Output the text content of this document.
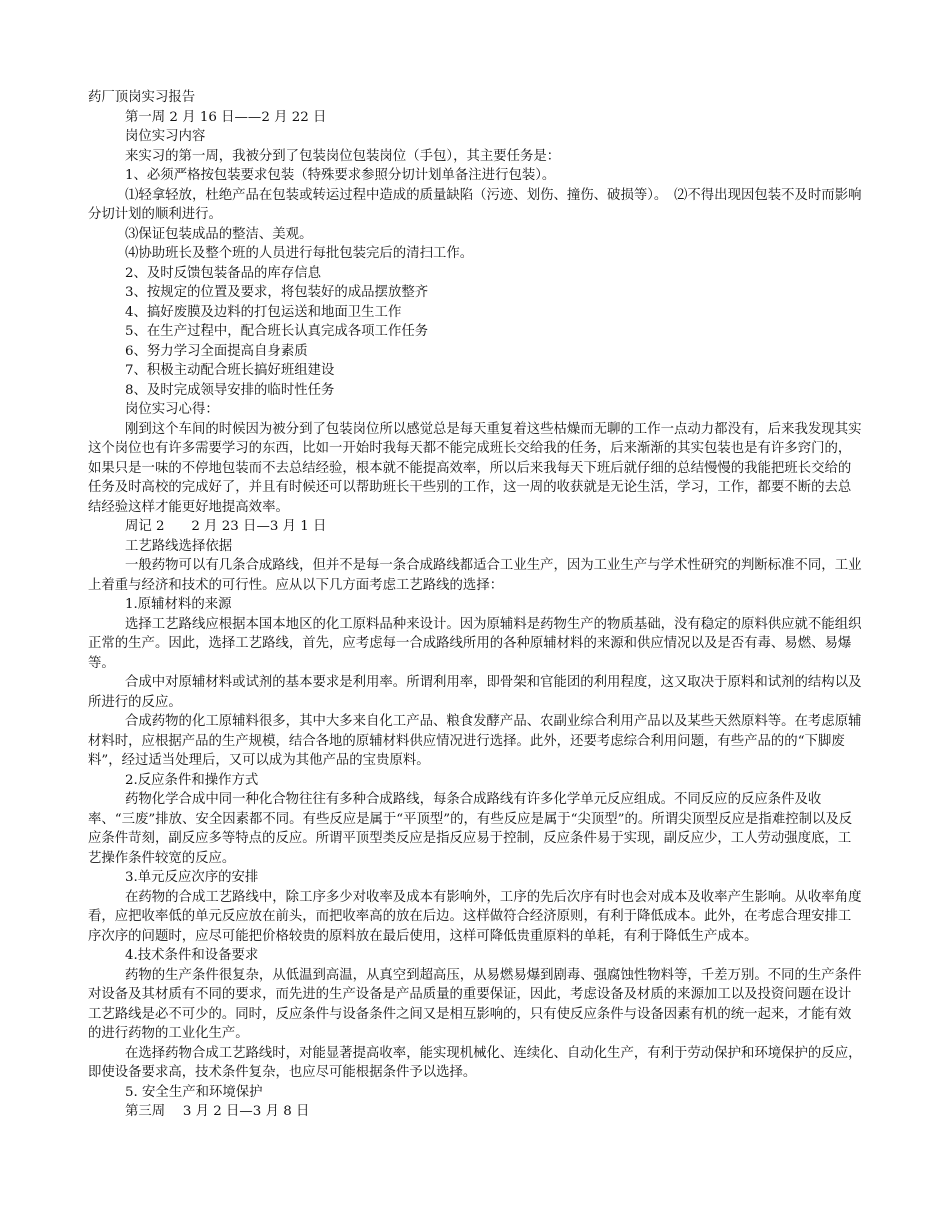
药厂顶岗实习报告

第一周 2 月 16 日——2 月 22 日

岗位实习内容

来实习的第一周，我被分到了包装岗位包装岗位（手包），其主要任务是：

1、必须严格按包装要求包装（特殊要求参照分切计划单备注进行包装）。

⑴轻拿轻放，杜绝产品在包装或转运过程中造成的质量缺陷（污迹、划伤、撞伤、破损等）。　⑵不得出现因包装不及时而影响分切计划的顺利进行。

⑶保证包装成品的整洁、美观。

⑷协助班长及整个班的人员进行每批包装完后的清扫工作。

2、及时反馈包装备品的库存信息

3、按规定的位置及要求，将包装好的成品摆放整齐

4、搞好废膜及边料的打包运送和地面卫生工作

5、在生产过程中，配合班长认真完成各项工作任务

6、努力学习全面提高自身素质

7、积极主动配合班长搞好班组建设

8、及时完成领导安排的临时性任务

岗位实习心得：

刚到这个车间的时候因为被分到了包装岗位所以感觉总是每天重复着这些枯燥而无聊的工作一点动力都没有，后来我发现其实这个岗位也有许多需要学习的东西，比如一开始时我每天都不能完成班长交给我的任务，后来渐渐的其实包装也是有许多窍门的，如果只是一味的不停地包装而不去总结经验，根本就不能提高效率，所以后来我每天下班后就仔细的总结慢慢的我能把班长交给的任务及时高校的完成好了，并且有时候还可以帮助班长干些别的工作，这一周的收获就是无论生活，学习，工作，都要不断的去总结经验这样才能更好地提高效率。

周记 2　　2 月 23 日—3 月 1 日

工艺路线选择依据

一般药物可以有几条合成路线，但并不是每一条合成路线都适合工业生产，因为工业生产与学术性研究的判断标准不同，工业上着重与经济和技术的可行性。应从以下几方面考虑工艺路线的选择：

1.原辅材料的来源

选择工艺路线应根据本国本地区的化工原料品种来设计。因为原辅料是药物生产的物质基础，没有稳定的原料供应就不能组织正常的生产。因此，选择工艺路线，首先，应考虑每一合成路线所用的各种原辅材料的来源和供应情况以及是否有毒、易燃、易爆等。

合成中对原辅材料或试剂的基本要求是利用率。所谓利用率，即骨架和官能团的利用程度，这又取决于原料和试剂的结构以及所进行的反应。

合成药物的化工原辅料很多，其中大多来自化工产品、粮食发酵产品、农副业综合利用产品以及某些天然原料等。在考虑原辅材料时，应根据产品的生产规模，结合各地的原辅材料供应情况进行选择。此外，还要考虑综合利用问题，有些产品的的“下脚废料”，经过适当处理后，又可以成为其他产品的宝贵原料。

2.反应条件和操作方式

药物化学合成中同一种化合物往往有多种合成路线，每条合成路线有许多化学单元反应组成。不同反应的反应条件及收率、“三废”排放、安全因素都不同。有些反应是属于“平顶型”的，有些反应是属于“尖顶型”的。所谓尖顶型反应是指难控制以及反应条件苛刻，副反应多等特点的反应。所谓平顶型类反应是指反应易于控制，反应条件易于实现，副反应少，工人劳动强度底，工艺操作条件较宽的反应。

3.单元反应次序的安排

在药物的合成工艺路线中，除工序多少对收率及成本有影响外，工序的先后次序有时也会对成本及收率产生影响。从收率角度看，应把收率低的单元反应放在前头，而把收率高的放在后边。这样做符合经济原则，有利于降低成本。此外，在考虑合理安排工序次序的问题时，应尽可能把价格较贵的原料放在最后使用，这样可降低贵重原料的单耗，有利于降低生产成本。

4.技术条件和设备要求

药物的生产条件很复杂，从低温到高温，从真空到超高压，从易燃易爆到剧毒、强腐蚀性物料等，千差万别。不同的生产条件对设备及其材质有不同的要求，而先进的生产设备是产品质量的重要保证，因此，考虑设备及材质的来源加工以及投资问题在设计工艺路线是必不可少的。同时，反应条件与设备条件之间又是相互影响的，只有使反应条件与设备因素有机的统一起来，才能有效的进行药物的工业化生产。

在选择药物合成工艺路线时，对能显著提高收率，能实现机械化、连续化、自动化生产，有利于劳动保护和环境保护的反应，即使设备要求高，技术条件复杂，也应尽可能根据条件予以选择。

5. 安全生产和环境保护

第三周　 3 月 2 日—3 月 8 日
